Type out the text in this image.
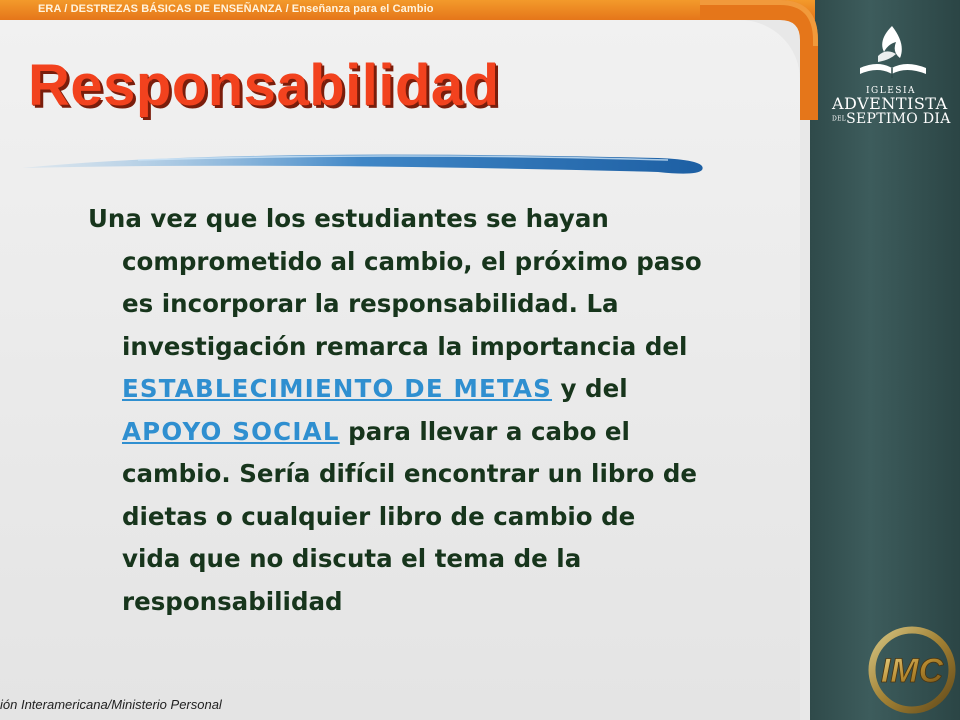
ERA / DESTREZAS BÁSICAS DE ENSEÑANZA / Enseñanza para el Cambio
Responsabilidad
Una vez que los estudiantes se hayan
comprometido al cambio, el próximo paso
es incorporar la responsabilidad. La
investigación remarca la importancia del
ESTABLECIMIENTO DE METAS y del
APOYO SOCIAL para llevar a cabo el
cambio. Sería difícil encontrar un libro de
dietas o cualquier libro de cambio de
vida que no discuta el tema de la
responsabilidad
ión Interamericana/Ministerio Personal
IGLESIA
ADVENTISTA
DELSEPTIMO DIA
IMC
